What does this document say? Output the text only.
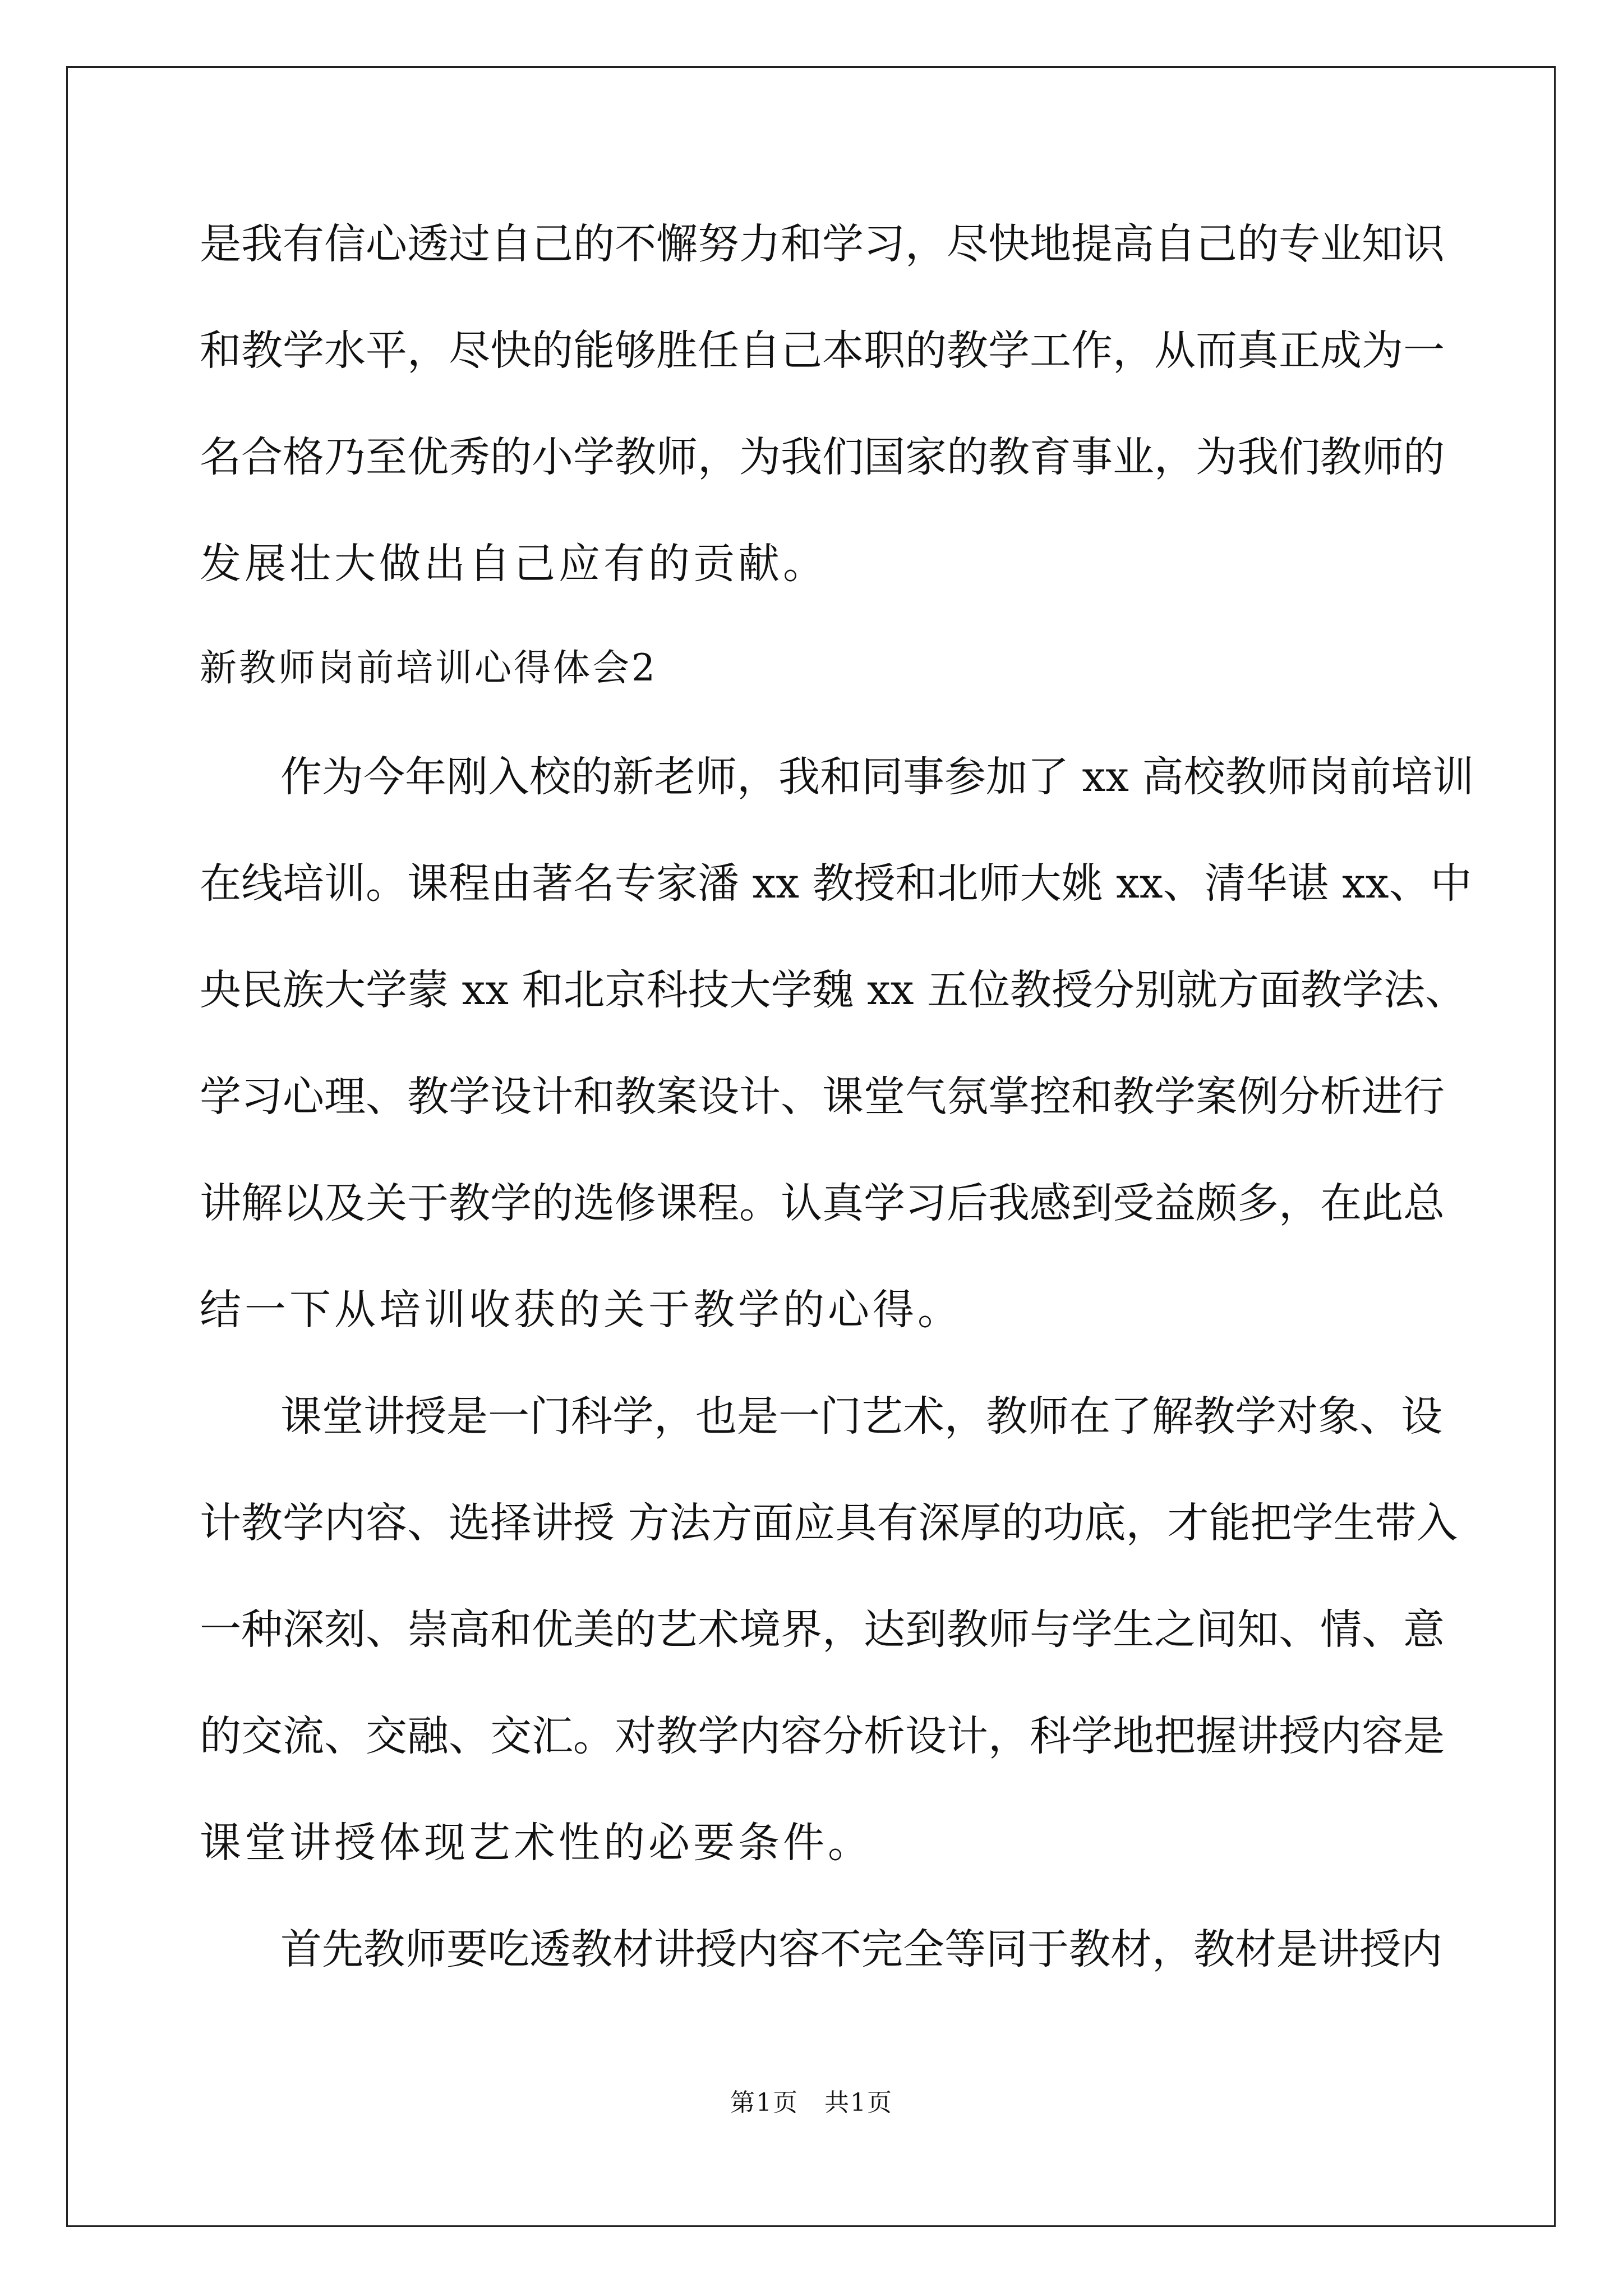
是我有信心透过自己的不懈努力和学习，尽快地提高自己的专业知识
和教学水平，尽快的能够胜任自己本职的教学工作，从而真正成为一
名合格乃至优秀的小学教师，为我们国家的教育事业，为我们教师的
发展壮大做出自己应有的贡献。
新教师岗前培训心得体会2
作为今年刚入校的新老师，我和同事参加了 xx 高校教师岗前培训
在线培训。课程由著名专家潘 xx 教授和北师大姚 xx、清华谌 xx、中
央民族大学蒙 xx 和北京科技大学魏 xx 五位教授分别就方面教学法、
学习心理、教学设计和教案设计、课堂气氛掌控和教学案例分析进行
讲解以及关于教学的选修课程。认真学习后我感到受益颇多，在此总
结一下从培训收获的关于教学的心得。
课堂讲授是一门科学，也是一门艺术，教师在了解教学对象、设
计教学内容、选择讲授 方法方面应具有深厚的功底，才能把学生带入
一种深刻、崇高和优美的艺术境界，达到教师与学生之间知、情、意
的交流、交融、交汇。对教学内容分析设计，科学地把握讲授内容是
课堂讲授体现艺术性的必要条件。
首先教师要吃透教材讲授内容不完全等同于教材，教材是讲授内
第1页　共1页
